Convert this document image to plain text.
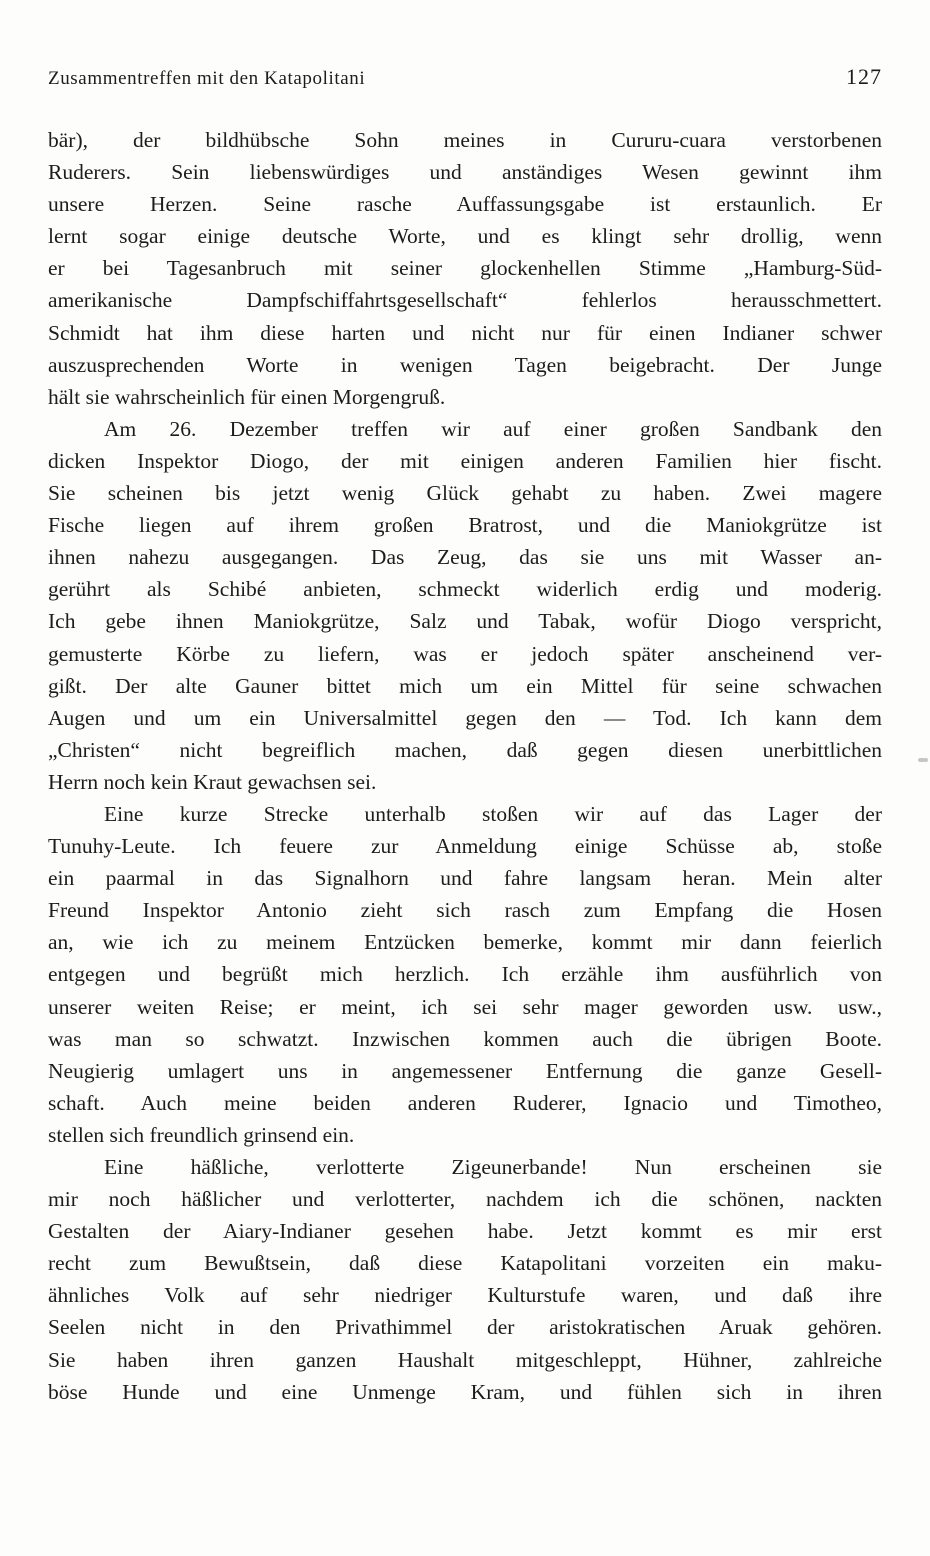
Zusammentreffen mit den Katapolitani	127
bär), der bildhübsche Sohn meines in Cururu-cuara verstorbenen
Ruderers. Sein liebenswürdiges und anständiges Wesen gewinnt ihm
unsere Herzen. Seine rasche Auffassungsgabe ist erstaunlich. Er
lernt sogar einige deutsche Worte, und es klingt sehr drollig, wenn
er bei Tagesanbruch mit seiner glockenhellen Stimme „Hamburg-Süd-
amerikanische Dampfschiffahrtsgesellschaft“ fehlerlos herausschmettert.
Schmidt hat ihm diese harten und nicht nur für einen Indianer schwer
auszusprechenden Worte in wenigen Tagen beigebracht. Der Junge
hält sie wahrscheinlich für einen Morgengruß.
Am 26. Dezember treffen wir auf einer großen Sandbank den
dicken Inspektor Diogo, der mit einigen anderen Familien hier fischt.
Sie scheinen bis jetzt wenig Glück gehabt zu haben. Zwei magere
Fische liegen auf ihrem großen Bratrost, und die Maniokgrütze ist
ihnen nahezu ausgegangen. Das Zeug, das sie uns mit Wasser an-
gerührt als Schibé anbieten, schmeckt widerlich erdig und moderig.
Ich gebe ihnen Maniokgrütze, Salz und Tabak, wofür Diogo verspricht,
gemusterte Körbe zu liefern, was er jedoch später anscheinend ver-
gißt. Der alte Gauner bittet mich um ein Mittel für seine schwachen
Augen und um ein Universalmittel gegen den — Tod. Ich kann dem
„Christen“ nicht begreiflich machen, daß gegen diesen unerbittlichen
Herrn noch kein Kraut gewachsen sei.
Eine kurze Strecke unterhalb stoßen wir auf das Lager der
Tunuhy-Leute. Ich feuere zur Anmeldung einige Schüsse ab, stoße
ein paarmal in das Signalhorn und fahre langsam heran. Mein alter
Freund Inspektor Antonio zieht sich rasch zum Empfang die Hosen
an, wie ich zu meinem Entzücken bemerke, kommt mir dann feierlich
entgegen und begrüßt mich herzlich. Ich erzähle ihm ausführlich von
unserer weiten Reise; er meint, ich sei sehr mager geworden usw. usw.,
was man so schwatzt. Inzwischen kommen auch die übrigen Boote.
Neugierig umlagert uns in angemessener Entfernung die ganze Gesell-
schaft. Auch meine beiden anderen Ruderer, Ignacio und Timotheo,
stellen sich freundlich grinsend ein.
Eine häßliche, verlotterte Zigeunerbande! Nun erscheinen sie
mir noch häßlicher und verlotterter, nachdem ich die schönen, nackten
Gestalten der Aiary-Indianer gesehen habe. Jetzt kommt es mir erst
recht zum Bewußtsein, daß diese Katapolitani vorzeiten ein maku-
ähnliches Volk auf sehr niedriger Kulturstufe waren, und daß ihre
Seelen nicht in den Privathimmel der aristokratischen Aruak gehören.
Sie haben ihren ganzen Haushalt mitgeschleppt, Hühner, zahlreiche
böse Hunde und eine Unmenge Kram, und fühlen sich in ihren
